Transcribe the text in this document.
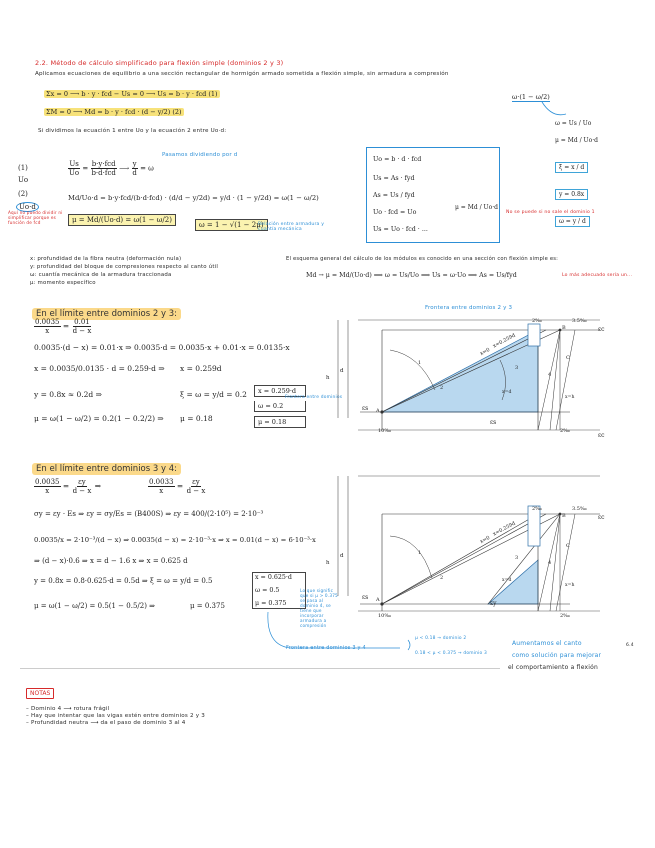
2.2. Método de cálculo simplificado para flexión simple (dominios 2 y 3)
Aplicamos ecuaciones de equilibrio a una sección rectangular de hormigón armado sometida a flexión simple, sin armadura a compresión
Σx = 0 ⟶ b · y · fcd − Us = 0 ⟶ Us = b · y · fcd (1)
ΣM = 0 ⟶ Md = b · y · fcd · (d − y/2) (2)
Si dividimos la ecuación 1 entre Uo y la ecuación 2 entre Uo·d:
ω·(1 − ω/2)
ω = Us / Uo
μ = Md / Uo·d
ξ = x / d
y = 0.8x
ω = y / d
(1)
Uo
$\frac{Us}{Uo} = \frac{\text{b·y·fcd}}{\text{b·d·fcd}}$ ⟶ $\frac{y}{d} = \omega$
Pasamos dividiendo por d
(2)
Uo·d
Md/Uo·d = b·y·fcd/(b·d·fcd) · (d/d − y/2d) = y/d · (1 − y/2d) = ω(1 − ω/2)
μ = Md/(Uo·d) = ω(1 − ω/2)
ω = 1 − √(1 − 2μ)
Aquí no puedo dividir ni simplificar porque es función de fcd	Relación entre armadura y cuantía mecánica
Uo = b · d · fcd
Us = As · fyd
As = Us / fyd
Uo · fcd = Uo
Us = Uo · fcd · ...
μ = Md / Uo·d
No se puede si no sale el dominio 1
x: profundidad de la fibra neutra (deformación nula)
y: profundidad del bloque de compresiones respecto al canto útil
ω: cuantía mecánica de la armadura traccionada
μ: momento específico
El esquema general del cálculo de los módulos es conocido en una sección con flexión simple es:
Md → μ = Md/(Uo·d) ⟹ ω = Us/Uo ⟹ Us = ω·Uo ⟹ As = Us/fyd	Lo más adecuado sería un...
En el límite entre dominios 2 y 3:
$\frac{0.0035}{x} = \frac{0.01}{d - x}$
0.0035·(d − x) = 0.01·x ⇒ 0.0035·d = 0.0035·x + 0.01·x = 0.0135·x
x = 0.0035/0.0135 · d = 0.259·d ⇒ x = 0.259d
y = 0.8x ≈ 0.2d ⇒	ξ = ω = y/d = 0.2
μ = ω(1 − ω/2) = 0.2(1 − 0.2/2) ⇒ μ = 0.18
x = 0.259·d
ω = 0.2
μ = 0.18
Frontera entre dominios
Frontera entre dominios 2 y 3
2‰	3.5‰
εc
εs
εs
10‰	2‰
εc
x=0
x=0.259d
1
2
3
4
x=d
x=h
A
B
C
h
d
En el límite entre dominios 3 y 4:
$\frac{0.0035}{x} = \frac{\varepsilon y}{d - x}$ ⇒	$\frac{0.0033}{x} = \frac{\varepsilon y}{d - x}$
σy = εy · Es ⇒ εy = σy/Es = (B400S) ⇒ εy = 400/(2·10⁵) = 2·10⁻³
0.0035/x = 2·10⁻³/(d − x) ⇒ 0.0035(d − x) = 2·10⁻³·x ⇒ x = 0.01(d − x) = 6·10⁻³·x
⇒ (d − x)·0.6 ⇒ x = d − 1.6 x ⇒ x = 0.625 d
y = 0.8x = 0.8·0.625·d = 0.5d ⇒ ξ = ω = y/d = 0.5
μ = ω(1 − ω/2) = 0.5(1 − 0.5/2) ⇒	μ = 0.375
x = 0.625·d
ω = 0.5
μ = 0.375
Lo que signific que si μ > 0.375 se pasa al dominio 4, se tiene que incorporar armadura a compresión
Frontera entre dominios 3 y 4
μ < 0.18 → dominio 2
0.18 < μ < 0.375 → dominio 3
2‰	3.5‰
εc
εs
εy
10‰	2‰
x=0
x=0.259d
1
2
3
4
x=d
x=h
A
B
C
h
d
Aumentamos el canto
como solución para mejorar
el comportamiento a flexión
6.4
NOTAS
– Dominio 4 ⟶ rotura frágil
– Hay que intentar que las vigas estén entre dominios 2 y 3
– Profundidad neutra ⟶ da el paso de dominio 3 al 4
